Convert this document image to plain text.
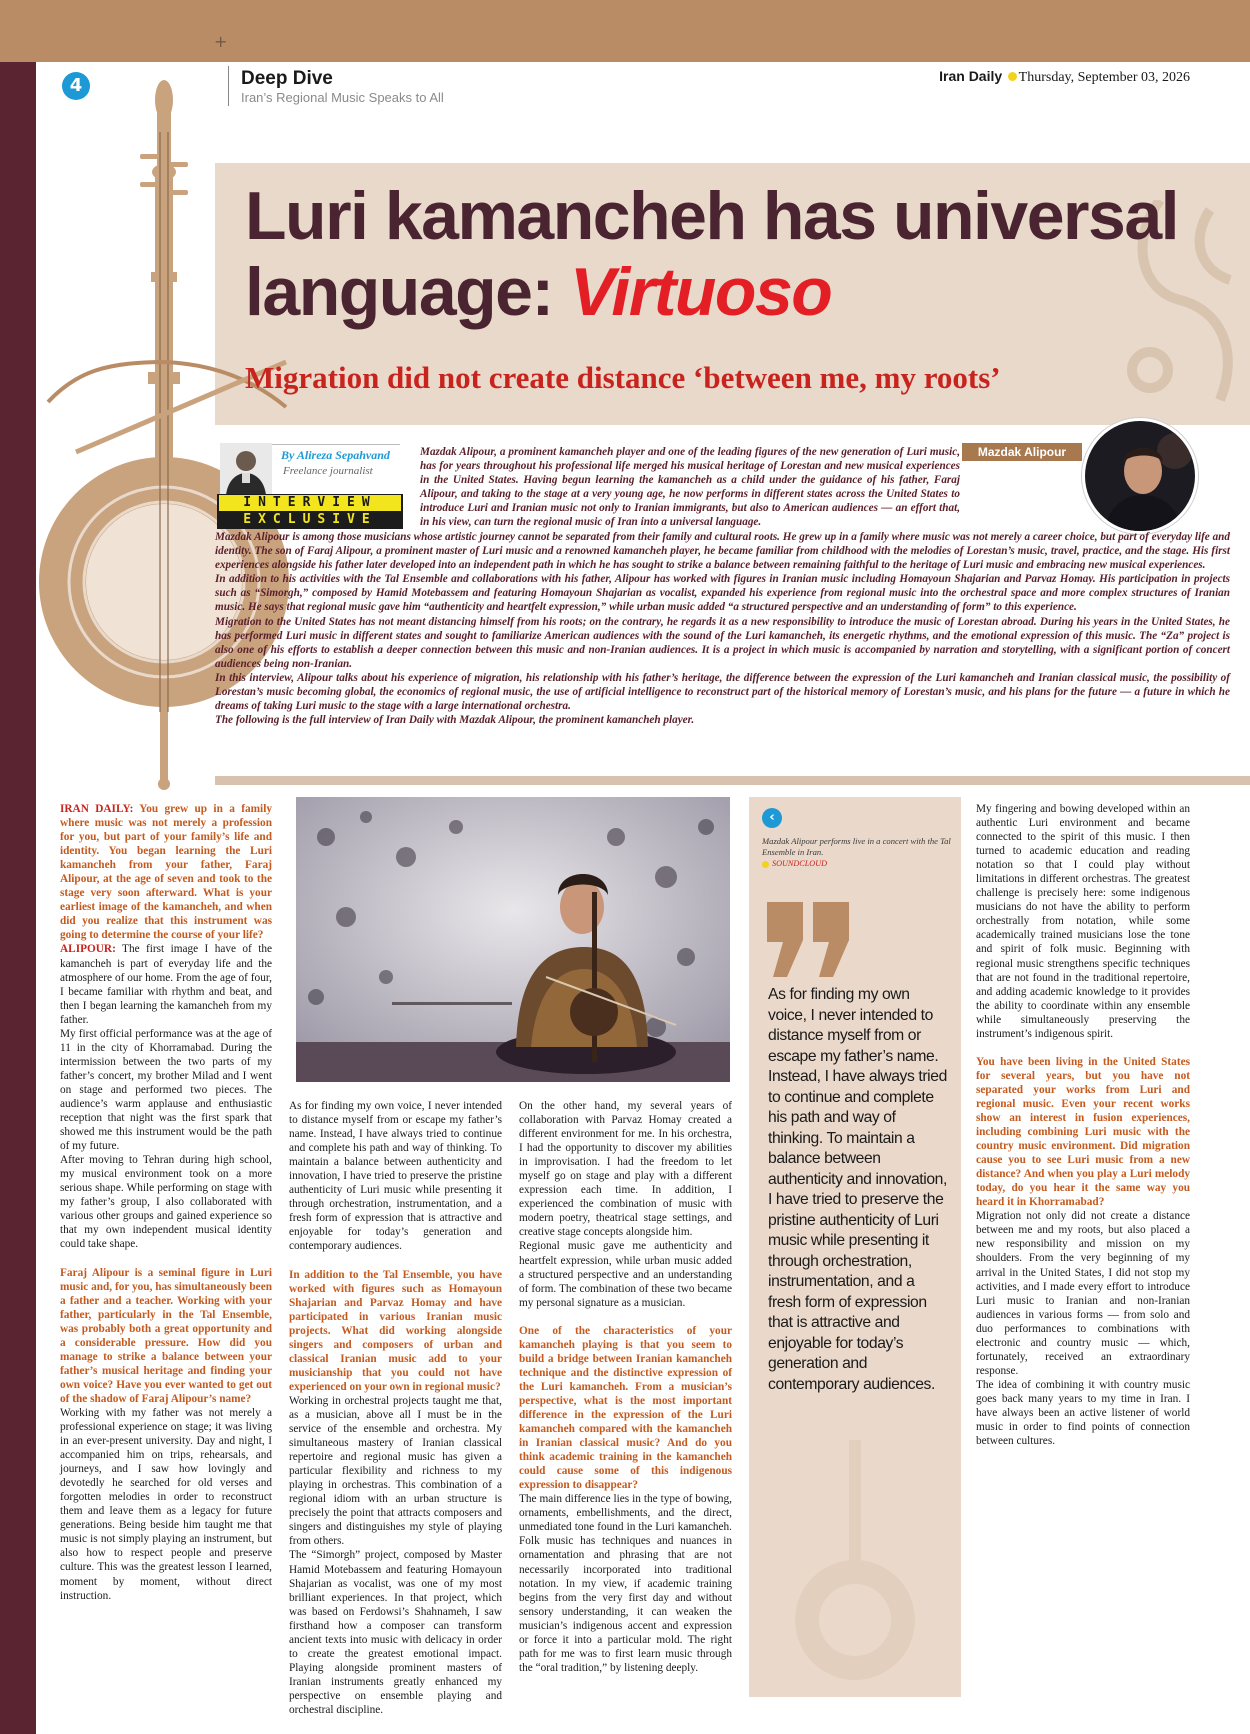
+
4	Deep Dive
Iran’s Regional Music Speaks to All
Iran Daily Thursday, September 03, 2026
Luri kamancheh has universal language: Virtuoso
Migration did not create distance ‘between me, my roots’
By Alireza Sepahvand
Freelance journalist
INTERVIEW
EXCLUSIVE
Mazdak Alipour

Mazdak Alipour, a prominent kamancheh player and one of the leading figures of the new generation of Luri music, has for years throughout his professional life merged his musical heritage of Lorestan and new musical experiences in the United States. Having begun learning the kamancheh as a child under the guidance of his father, Faraj Alipour, and taking to the stage at a very young age, he now performs in different states across the United States to introduce Luri and Iranian music not only to Iranian immigrants, but also to American audiences — an effort that, in his view, can turn the regional music of Iran into a universal language.

Mazdak Alipour is among those musicians whose artistic journey cannot be separated from their family and cultural roots. He grew up in a family where music was not merely a career choice, but part of everyday life and identity. The son of Faraj Alipour, a prominent master of Luri music and a renowned kamancheh player, he became familiar from childhood with the melodies of Lorestan’s music, travel, practice, and the stage. His first experiences alongside his father later developed into an independent path in which he has sought to strike a balance between remaining faithful to the heritage of Luri music and embracing new musical experiences.

In addition to his activities with the Tal Ensemble and collaborations with his father, Alipour has worked with figures in Iranian music including Homayoun Shajarian and Parvaz Homay. His participation in projects such as “Simorgh,” composed by Hamid Motebassem and featuring Homayoun Shajarian as vocalist, expanded his experience from regional music into the orchestral space and more complex structures of Iranian music. He says that regional music gave him “authenticity and heartfelt expression,” while urban music added “a structured perspective and an understanding of form” to this experience.

Migration to the United States has not meant distancing himself from his roots; on the contrary, he regards it as a new responsibility to introduce the music of Lorestan abroad. During his years in the United States, he has performed Luri music in different states and sought to familiarize American audiences with the sound of the Luri kamancheh, its energetic rhythms, and the emotional expression of this music. The “Za” project is also one of his efforts to establish a deeper connection between this music and non-Iranian audiences. It is a project in which music is accompanied by narration and storytelling, with a significant portion of concert audiences being non-Iranian.

In this interview, Alipour talks about his experience of migration, his relationship with his father’s heritage, the difference between the expression of the Luri kamancheh and Iranian classical music, the possibility of Lorestan’s music becoming global, the economics of regional music, the use of artificial intelligence to reconstruct part of the historical memory of Lorestan’s music, and his plans for the future — a future in which he dreams of taking Luri music to the stage with a large international orchestra.

The following is the full interview of Iran Daily with Mazdak Alipour, the prominent kamancheh player.

IRAN DAILY: You grew up in a family where music was not merely a profession for you, but part of your family’s life and identity. You began learning the Luri kamancheh from your father, Faraj Alipour, at the age of seven and took to the stage very soon afterward. What is your earliest image of the kamancheh, and when did you realize that this instrument was going to determine the course of your life?

ALIPOUR: The first image I have of the kamancheh is part of everyday life and the atmosphere of our home. From the age of four, I became familiar with rhythm and beat, and then I began learning the kamancheh from my father.

My first official performance was at the age of 11 in the city of Khorramabad. During the intermission between the two parts of my father’s concert, my brother Milad and I went on stage and performed two pieces. The audience’s warm applause and enthusiastic reception that night was the first spark that showed me this instrument would be the path of my future.

After moving to Tehran during high school, my musical environment took on a more serious shape. While performing on stage with my father’s group, I also collaborated with various other groups and gained experience so that my own independent musical identity could take shape.

Faraj Alipour is a seminal figure in Luri music and, for you, has simultaneously been a father and a teacher. Working with your father, particularly in the Tal Ensemble, was probably both a great opportunity and a considerable pressure. How did you manage to strike a balance between your father’s musical heritage and finding your own voice? Have you ever wanted to get out of the shadow of Faraj Alipour’s name?

Working with my father was not merely a professional experience on stage; it was living in an ever-present university. Day and night, I accompanied him on trips, rehearsals, and journeys, and I saw how lovingly and devotedly he searched for old verses and forgotten melodies in order to reconstruct them and leave them as a legacy for future generations. Being beside him taught me that music is not simply playing an instrument, but also how to respect people and preserve culture. This was the greatest lesson I learned, moment by moment, without direct instruction.

As for finding my own voice, I never intended to distance myself from or escape my father’s name. Instead, I have always tried to continue and complete his path and way of thinking. To maintain a balance between authenticity and innovation, I have tried to preserve the pristine authenticity of Luri music while presenting it through orchestration, instrumentation, and a fresh form of expression that is attractive and enjoyable for today’s generation and contemporary audiences.

In addition to the Tal Ensemble, you have worked with figures such as Homayoun Shajarian and Parvaz Homay and have participated in various Iranian music projects. What did working alongside singers and composers of urban and classical Iranian music add to your musicianship that you could not have experienced on your own in regional music?

Working in orchestral projects taught me that, as a musician, above all I must be in the service of the ensemble and orchestra. My simultaneous mastery of Iranian classical repertoire and regional music has given a particular flexibility and richness to my playing in orchestras. This combination of a regional idiom with an urban structure is precisely the point that attracts composers and singers and distinguishes my style of playing from others.

The “Simorgh” project, composed by Master Hamid Motebassem and featuring Homayoun Shajarian as vocalist, was one of my most brilliant experiences. In that project, which was based on Ferdowsi’s Shahnameh, I saw firsthand how a composer can transform ancient texts into music with delicacy in order to create the greatest emotional impact. Playing alongside prominent masters of Iranian instruments greatly enhanced my perspective on ensemble playing and orchestral discipline.

On the other hand, my several years of collaboration with Parvaz Homay created a different environment for me. In his orchestra, I had the opportunity to discover my abilities in improvisation. I had the freedom to let myself go on stage and play with a different expression each time. In addition, I experienced the combination of music with modern poetry, theatrical stage settings, and creative stage concepts alongside him.

Regional music gave me authenticity and heartfelt expression, while urban music added a structured perspective and an understanding of form. The combination of these two became my personal signature as a musician.

One of the characteristics of your kamancheh playing is that you seem to build a bridge between Iranian kamancheh technique and the distinctive expression of the Luri kamancheh. From a musician’s perspective, what is the most important difference in the expression of the Luri kamancheh compared with the kamancheh in Iranian classical music? And do you think academic training in the kamancheh could cause some of this indigenous expression to disappear?

The main difference lies in the type of bowing, ornaments, embellishments, and the direct, unmediated tone found in the Luri kamancheh. Folk music has techniques and nuances in ornamentation and phrasing that are not necessarily incorporated into traditional notation. In my view, if academic training begins from the very first day and without sensory understanding, it can weaken the musician’s indigenous accent and expression or force it into a particular mold. The right path for me was to first learn music through the “oral tradition,” by listening deeply.

‹
Mazdak Alipour performs live in a concert with the Tal Ensemble in Iran.
SOUNDCLOUD
As for finding my own voice, I never intended to distance myself from or escape my father’s name. Instead, I have always tried to continue and complete his path and way of thinking. To maintain a balance between authenticity and innovation, I have tried to preserve the pristine authenticity of Luri music while presenting it through orchestration, instrumentation, and a fresh form of expression that is attractive and enjoyable for today’s generation and contemporary audiences.

My fingering and bowing developed within an authentic Luri environment and became connected to the spirit of this music. I then turned to academic education and reading notation so that I could play without limitations in different orchestras. The greatest challenge is precisely here: some indigenous musicians do not have the ability to perform orchestrally from notation, while some academically trained musicians lose the tone and spirit of folk music. Beginning with regional music strengthens specific techniques that are not found in the traditional repertoire, and adding academic knowledge to it provides the ability to coordinate within any ensemble while simultaneously preserving the instrument’s indigenous spirit.

You have been living in the United States for several years, but you have not separated your works from Luri and regional music. Even your recent works show an interest in fusion experiences, including combining Luri music with the country music environment. Did migration cause you to see Luri music from a new distance? And when you play a Luri melody today, do you hear it the same way you heard it in Khorramabad?

Migration not only did not create a distance between me and my roots, but also placed a new responsibility and mission on my shoulders. From the very beginning of my arrival in the United States, I did not stop my activities, and I made every effort to introduce Luri music to Iranian and non-Iranian audiences in various forms — from solo and duo performances to combinations with electronic and country music — which, fortunately, received an extraordinary response.

The idea of combining it with country music goes back many years to my time in Iran. I have always been an active listener of world music in order to find points of connection between cultures.
